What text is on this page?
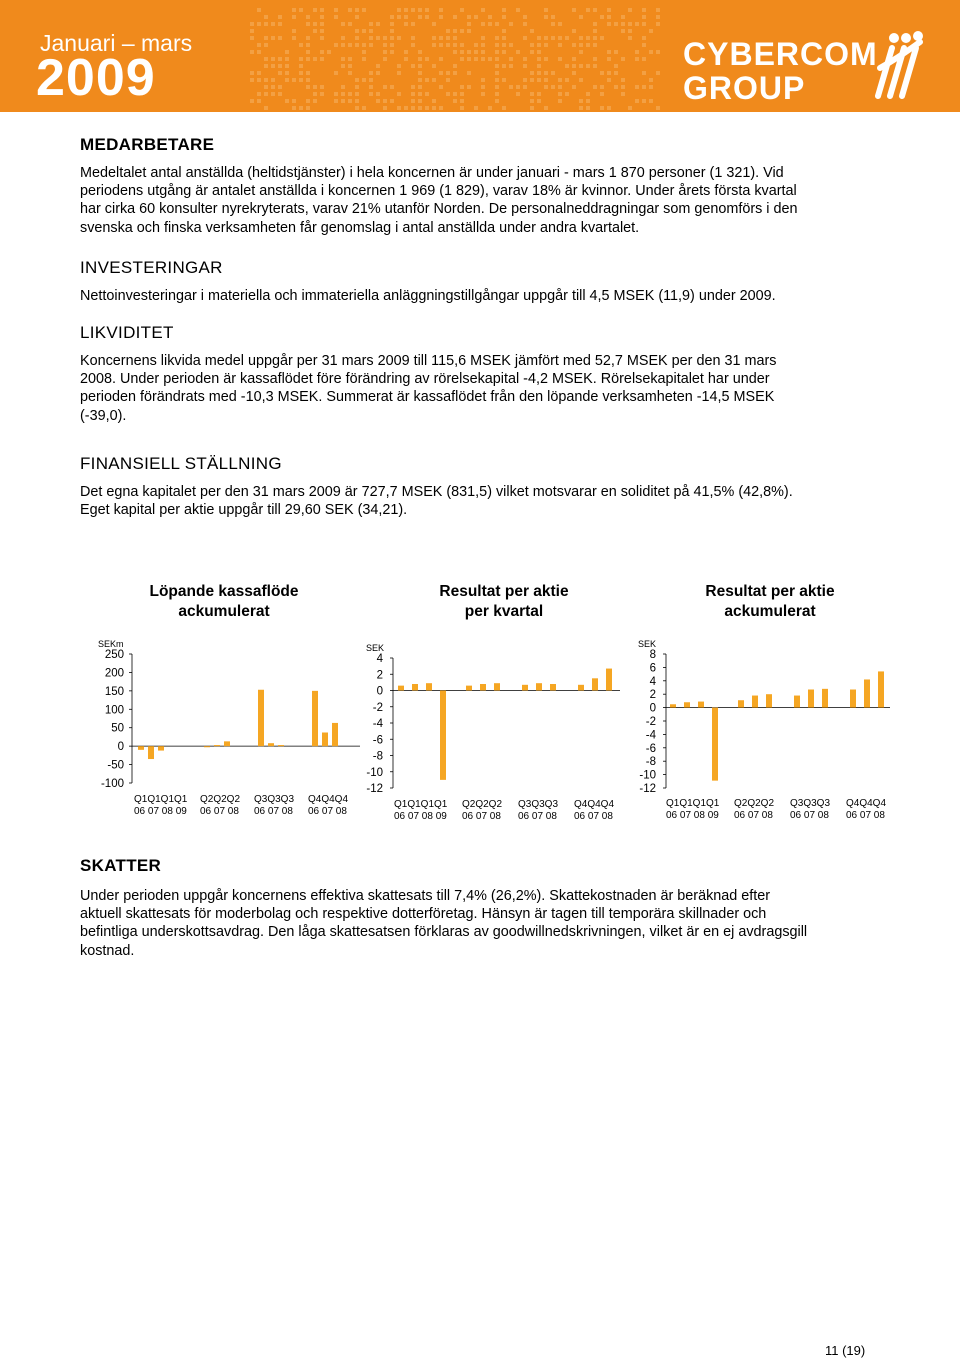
Januari – mars
2009	CYBERCOM
GROUP
MEDARBETARE

Medeltalet antal anställda (heltidstjänster) i hela koncernen är under januari - mars 1 870 personer (1 321). Vid
periodens utgång är antalet anställda i koncernen 1 969 (1 829), varav 18% är kvinnor. Under årets första kvartal
har cirka 60 konsulter nyrekryterats, varav 21% utanför Norden. De personalneddragningar som genomförs i den
svenska och finska verksamheten får genomslag i antal anställda under andra kvartalet.

INVESTERINGAR

Nettoinvesteringar i materiella och immateriella anläggningstillgångar uppgår till 4,5 MSEK (11,9) under 2009.

LIKVIDITET

Koncernens likvida medel uppgår per 31 mars 2009 till 115,6 MSEK jämfört med 52,7 MSEK per den 31 mars
2008. Under perioden är kassaflödet före förändring av rörelsekapital -4,2 MSEK. Rörelsekapitalet har under
perioden förändrats med -10,3 MSEK. Summerat är kassaflödet från den löpande verksamheten -14,5 MSEK
(-39,0).

FINANSIELL STÄLLNING

Det egna kapitalet per den 31 mars 2009 är 727,7 MSEK (831,5) vilket motsvarar en soliditet på 41,5% (42,8%).
Eget kapital per aktie uppgår till 29,60 SEK (34,21).

Löpande kassaflöde
ackumulerat
Resultat per aktie
per kvartal
Resultat per aktie
ackumulerat
SEKm
250
200
150
100
50
0
-50
-100
Q1Q1Q1Q1
06 07 08 09
Q2Q2Q2
06 07 08
Q3Q3Q3
06 07 08
Q4Q4Q4
06 07 08
SEK
4
2
0
-2
-4
-6
-8
-10
-12
Q1Q1Q1Q1
06 07 08 09
Q2Q2Q2
06 07 08
Q3Q3Q3
06 07 08
Q4Q4Q4
06 07 08
SEK
8
6
4
2
0
-2
-4
-6
-8
-10
-12
Q1Q1Q1Q1
06 07 08 09
Q2Q2Q2
06 07 08
Q3Q3Q3
06 07 08
Q4Q4Q4
06 07 08
SKATTER

Under perioden uppgår koncernens effektiva skattesats till 7,4% (26,2%). Skattekostnaden är beräknad efter
aktuell skattesats för moderbolag och respektive dotterföretag. Hänsyn är tagen till temporära skillnader och
befintliga underskottsavdrag. Den låga skattesatsen förklaras av goodwillnedskrivningen, vilket är en ej avdragsgill
kostnad.

11 (19)
